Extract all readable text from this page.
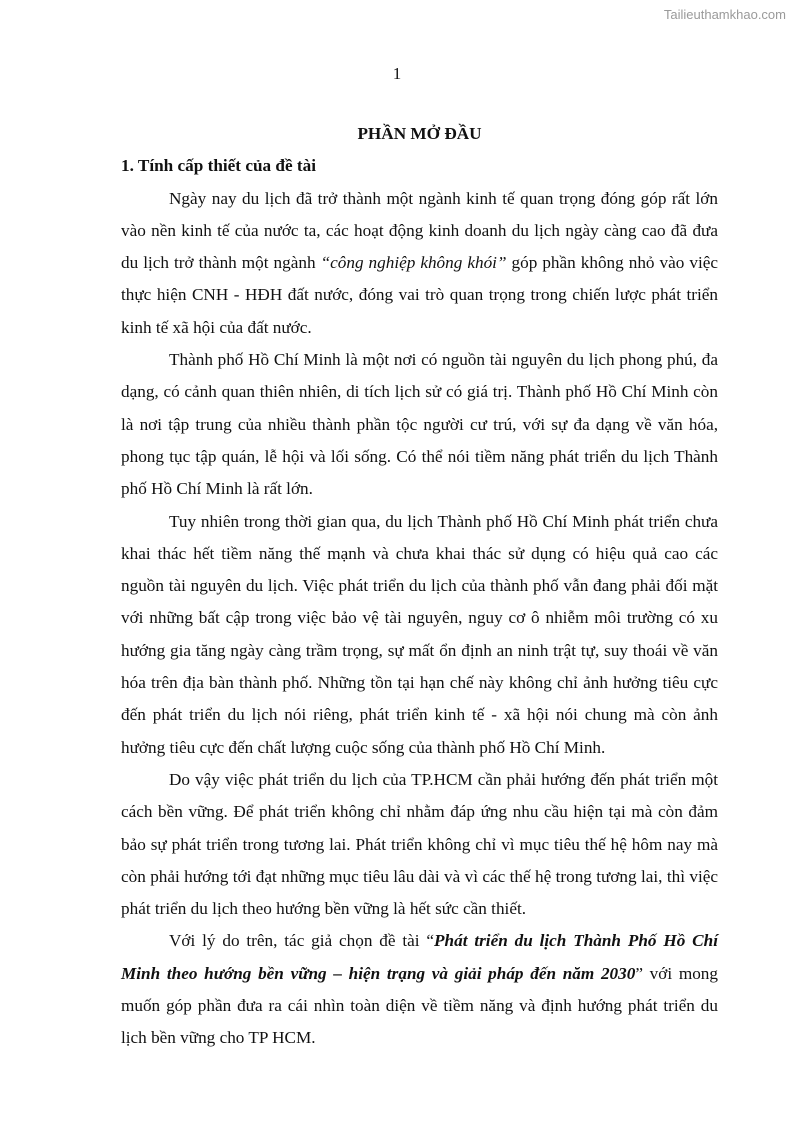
Tailieuthamkhao.com
1

PHẦN MỞ ĐẦU

1. Tính cấp thiết của đề tài

Ngày nay du lịch đã trở thành một ngành kinh tế quan trọng đóng góp rất lớn vào nền kinh tế của nước ta, các hoạt động kinh doanh du lịch ngày càng cao đã đưa du lịch trở thành một ngành “công nghiệp không khói” góp phần không nhỏ vào việc thực hiện CNH - HĐH đất nước, đóng vai trò quan trọng trong chiến lược phát triển kinh tế xã hội của đất nước.

Thành phố Hồ Chí Minh là một nơi có nguồn tài nguyên du lịch phong phú, đa dạng, có cảnh quan thiên nhiên, di tích lịch sử có giá trị. Thành phố Hồ Chí Minh còn là nơi tập trung của nhiều thành phần tộc người cư trú, với sự đa dạng về văn hóa, phong tục tập quán, lễ hội và lối sống. Có thể nói tiềm năng phát triển du lịch Thành phố Hồ Chí Minh là rất lớn.

Tuy nhiên trong thời gian qua, du lịch Thành phố Hồ Chí Minh phát triển chưa khai thác hết tiềm năng thế mạnh và chưa khai thác sử dụng có hiệu quả cao các nguồn tài nguyên du lịch. Việc phát triển du lịch của thành phố vẫn đang phải đối mặt với những bất cập trong việc bảo vệ tài nguyên, nguy cơ ô nhiễm môi trường có xu hướng gia tăng ngày càng trầm trọng, sự mất ổn định an ninh trật tự, suy thoái về văn hóa trên địa bàn thành phố. Những tồn tại hạn chế này không chỉ ảnh hưởng tiêu cực đến phát triển du lịch nói riêng, phát triển kinh tế - xã hội nói chung mà còn ảnh hưởng tiêu cực đến chất lượng cuộc sống của thành phố Hồ Chí Minh.

Do vậy việc phát triển du lịch của TP.HCM cần phải hướng đến phát triển một cách bền vững. Để phát triển không chỉ nhằm đáp ứng nhu cầu hiện tại mà còn đảm bảo sự phát triển trong tương lai. Phát triển không chỉ vì mục tiêu thế hệ hôm nay mà còn phải hướng tới đạt những mục tiêu lâu dài và vì các thế hệ trong tương lai, thì việc phát triển du lịch theo hướng bền vững là hết sức cần thiết.

Với lý do trên, tác giả chọn đề tài “Phát triển du lịch Thành Phố Hồ Chí Minh theo hướng bền vững – hiện trạng và giải pháp đến năm 2030” với mong muốn góp phần đưa ra cái nhìn toàn diện về tiềm năng và định hướng phát triển du lịch bền vững cho TP HCM.
